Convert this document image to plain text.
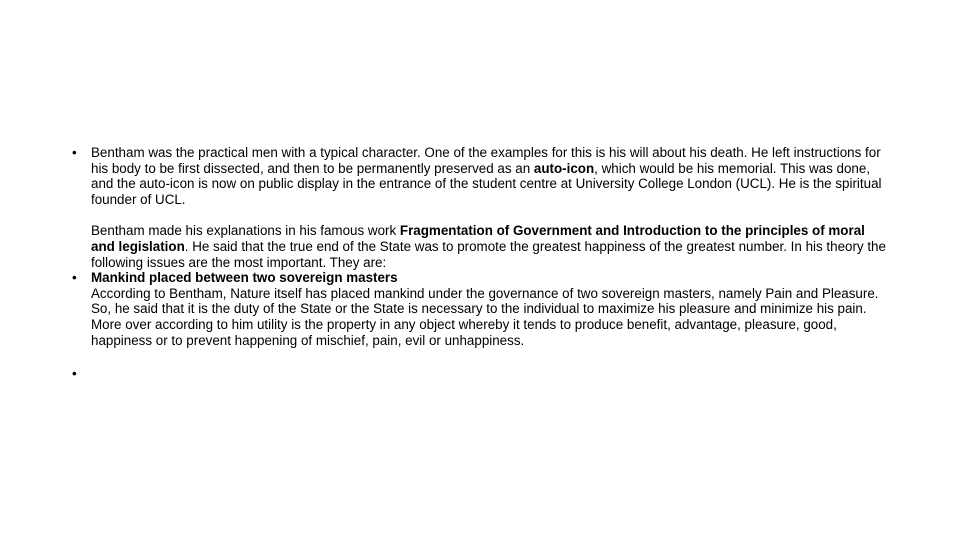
•	Bentham was the practical men with a typical character. One of the examples for this is his will about his death. He left instructions for his body to be first dissected, and then to be permanently preserved as an auto-icon, which would be his memorial. This was done, and the auto-icon is now on public display in the entrance of the student centre at University College London (UCL). He is the spiritual founder of UCL.

Bentham made his explanations in his famous work Fragmentation of Government and Introduction to the principles of moral and legislation. He said that the true end of the State was to promote the greatest happiness of the greatest number. In his theory the following issues are the most important. They are:

•	Mankind placed between two sovereign masters
According to Bentham, Nature itself has placed mankind under the governance of two sovereign masters, namely Pain and Pleasure. So, he said that it is the duty of the State or the State is necessary to the individual to maximize his pleasure and minimize his pain. More over according to him utility is the property in any object whereby it tends to produce benefit, advantage, pleasure, good, happiness or to prevent happening of mischief, pain, evil or unhappiness.

•
